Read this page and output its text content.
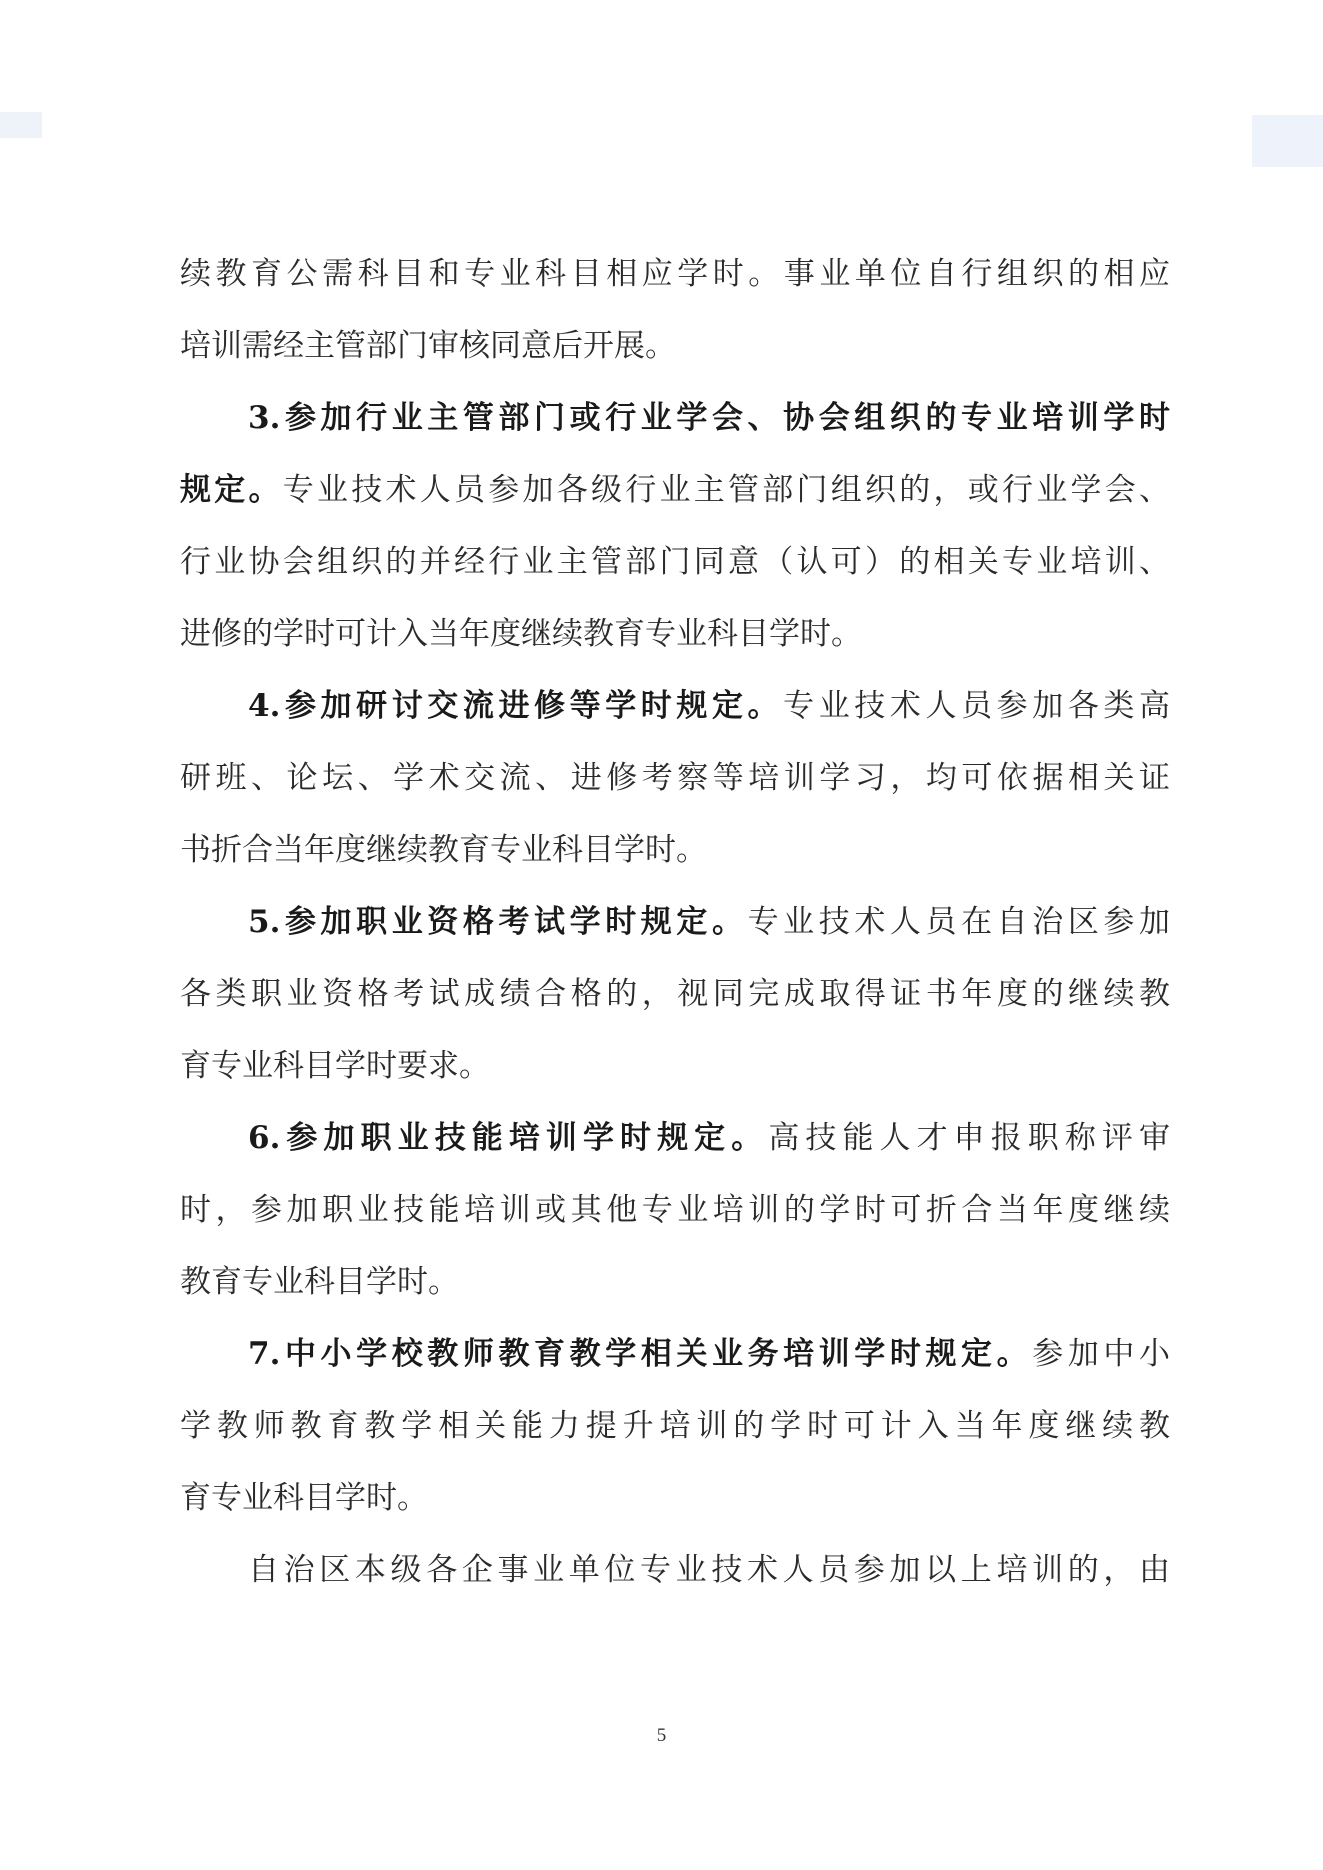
续教育公需科目和专业科目相应学时。事业单位自行组织的相应
培训需经主管部门审核同意后开展。
3.参加行业主管部门或行业学会、协会组织的专业培训学时
规定。专业技术人员参加各级行业主管部门组织的，或行业学会、
行业协会组织的并经行业主管部门同意（认可）的相关专业培训、
进修的学时可计入当年度继续教育专业科目学时。
4.参加研讨交流进修等学时规定。专业技术人员参加各类高
研班、论坛、学术交流、进修考察等培训学习，均可依据相关证
书折合当年度继续教育专业科目学时。
5.参加职业资格考试学时规定。专业技术人员在自治区参加
各类职业资格考试成绩合格的，视同完成取得证书年度的继续教
育专业科目学时要求。
6.参加职业技能培训学时规定。高技能人才申报职称评审
时，参加职业技能培训或其他专业培训的学时可折合当年度继续
教育专业科目学时。
7.中小学校教师教育教学相关业务培训学时规定。参加中小
学教师教育教学相关能力提升培训的学时可计入当年度继续教
育专业科目学时。
自治区本级各企事业单位专业技术人员参加以上培训的，由
5
